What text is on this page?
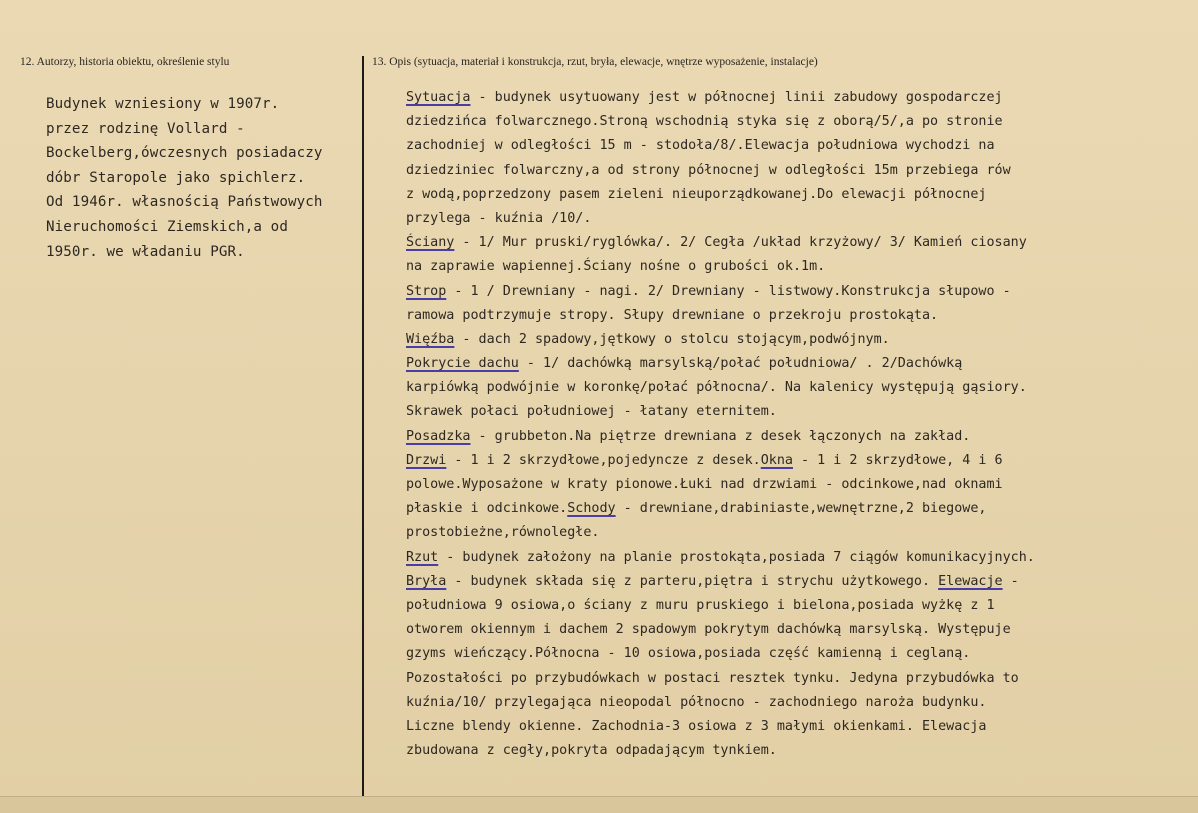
12. Autorzy, historia obiektu, określenie stylu	13. Opis (sytuacja, materiał i konstrukcja, rzut, bryła, elewacje, wnętrze wyposażenie, instalacje)
Budynek wzniesiony w 1907r.
przez rodzinę Vollard -
Bockelberg,ówczesnych posiadaczy
dóbr Staropole jako spichlerz.
Od 1946r. własnością Państwowych
Nieruchomości Ziemskich,a od
1950r. we władaniu PGR.
Sytuacja - budynek usytuowany jest w północnej linii zabudowy gospodarczej
dziedzińca folwarcznego.Stroną wschodnią styka się z oborą/5/,a po stronie
zachodniej w odległości 15 m - stodoła/8/.Elewacja południowa wychodzi na
dziedziniec folwarczny,a od strony północnej w odległości 15m przebiega rów
z wodą,poprzedzony pasem zieleni nieuporządkowanej.Do elewacji północnej
przylega - kuźnia /10/.
Ściany - 1/ Mur pruski/ryglówka/. 2/ Cegła /układ krzyżowy/ 3/ Kamień ciosany
na zaprawie wapiennej.Ściany nośne o grubości ok.1m.
Strop - 1 / Drewniany - nagi. 2/ Drewniany - listwowy.Konstrukcja słupowo -
ramowa podtrzymuje stropy. Słupy drewniane o przekroju prostokąta.
Więźba - dach 2 spadowy,jętkowy o stolcu stojącym,podwójnym.
Pokrycie dachu - 1/ dachówką marsylską/połać południowa/ . 2/Dachówką
karpiówką podwójnie w koronkę/połać północna/. Na kalenicy występują gąsiory.
Skrawek połaci południowej - łatany eternitem.
Posadzka - grubbeton.Na piętrze drewniana z desek łączonych na zakład.
Drzwi - 1 i 2 skrzydłowe,pojedyncze z desek.Okna - 1 i 2 skrzydłowe, 4 i 6
polowe.Wyposażone w kraty pionowe.Łuki nad drzwiami - odcinkowe,nad oknami
płaskie i odcinkowe.Schody - drewniane,drabiniaste,wewnętrzne,2 biegowe,
prostobieżne,równoległe.
Rzut - budynek założony na planie prostokąta,posiada 7 ciągów komunikacyjnych.
Bryła - budynek składa się z parteru,piętra i strychu użytkowego. Elewacje -
południowa 9 osiowa,o ściany z muru pruskiego i bielona,posiada wyżkę z 1
otworem okiennym i dachem 2 spadowym pokrytym dachówką marsylską. Występuje
gzyms wieńczący.Północna - 10 osiowa,posiada część kamienną i ceglaną.
Pozostałości po przybudówkach w postaci resztek tynku. Jedyna przybudówka to
kuźnia/10/ przylegająca nieopodal północno - zachodniego naroża budynku.
Liczne blendy okienne. Zachodnia-3 osiowa z 3 małymi okienkami. Elewacja
zbudowana z cegły,pokryta odpadającym tynkiem.
